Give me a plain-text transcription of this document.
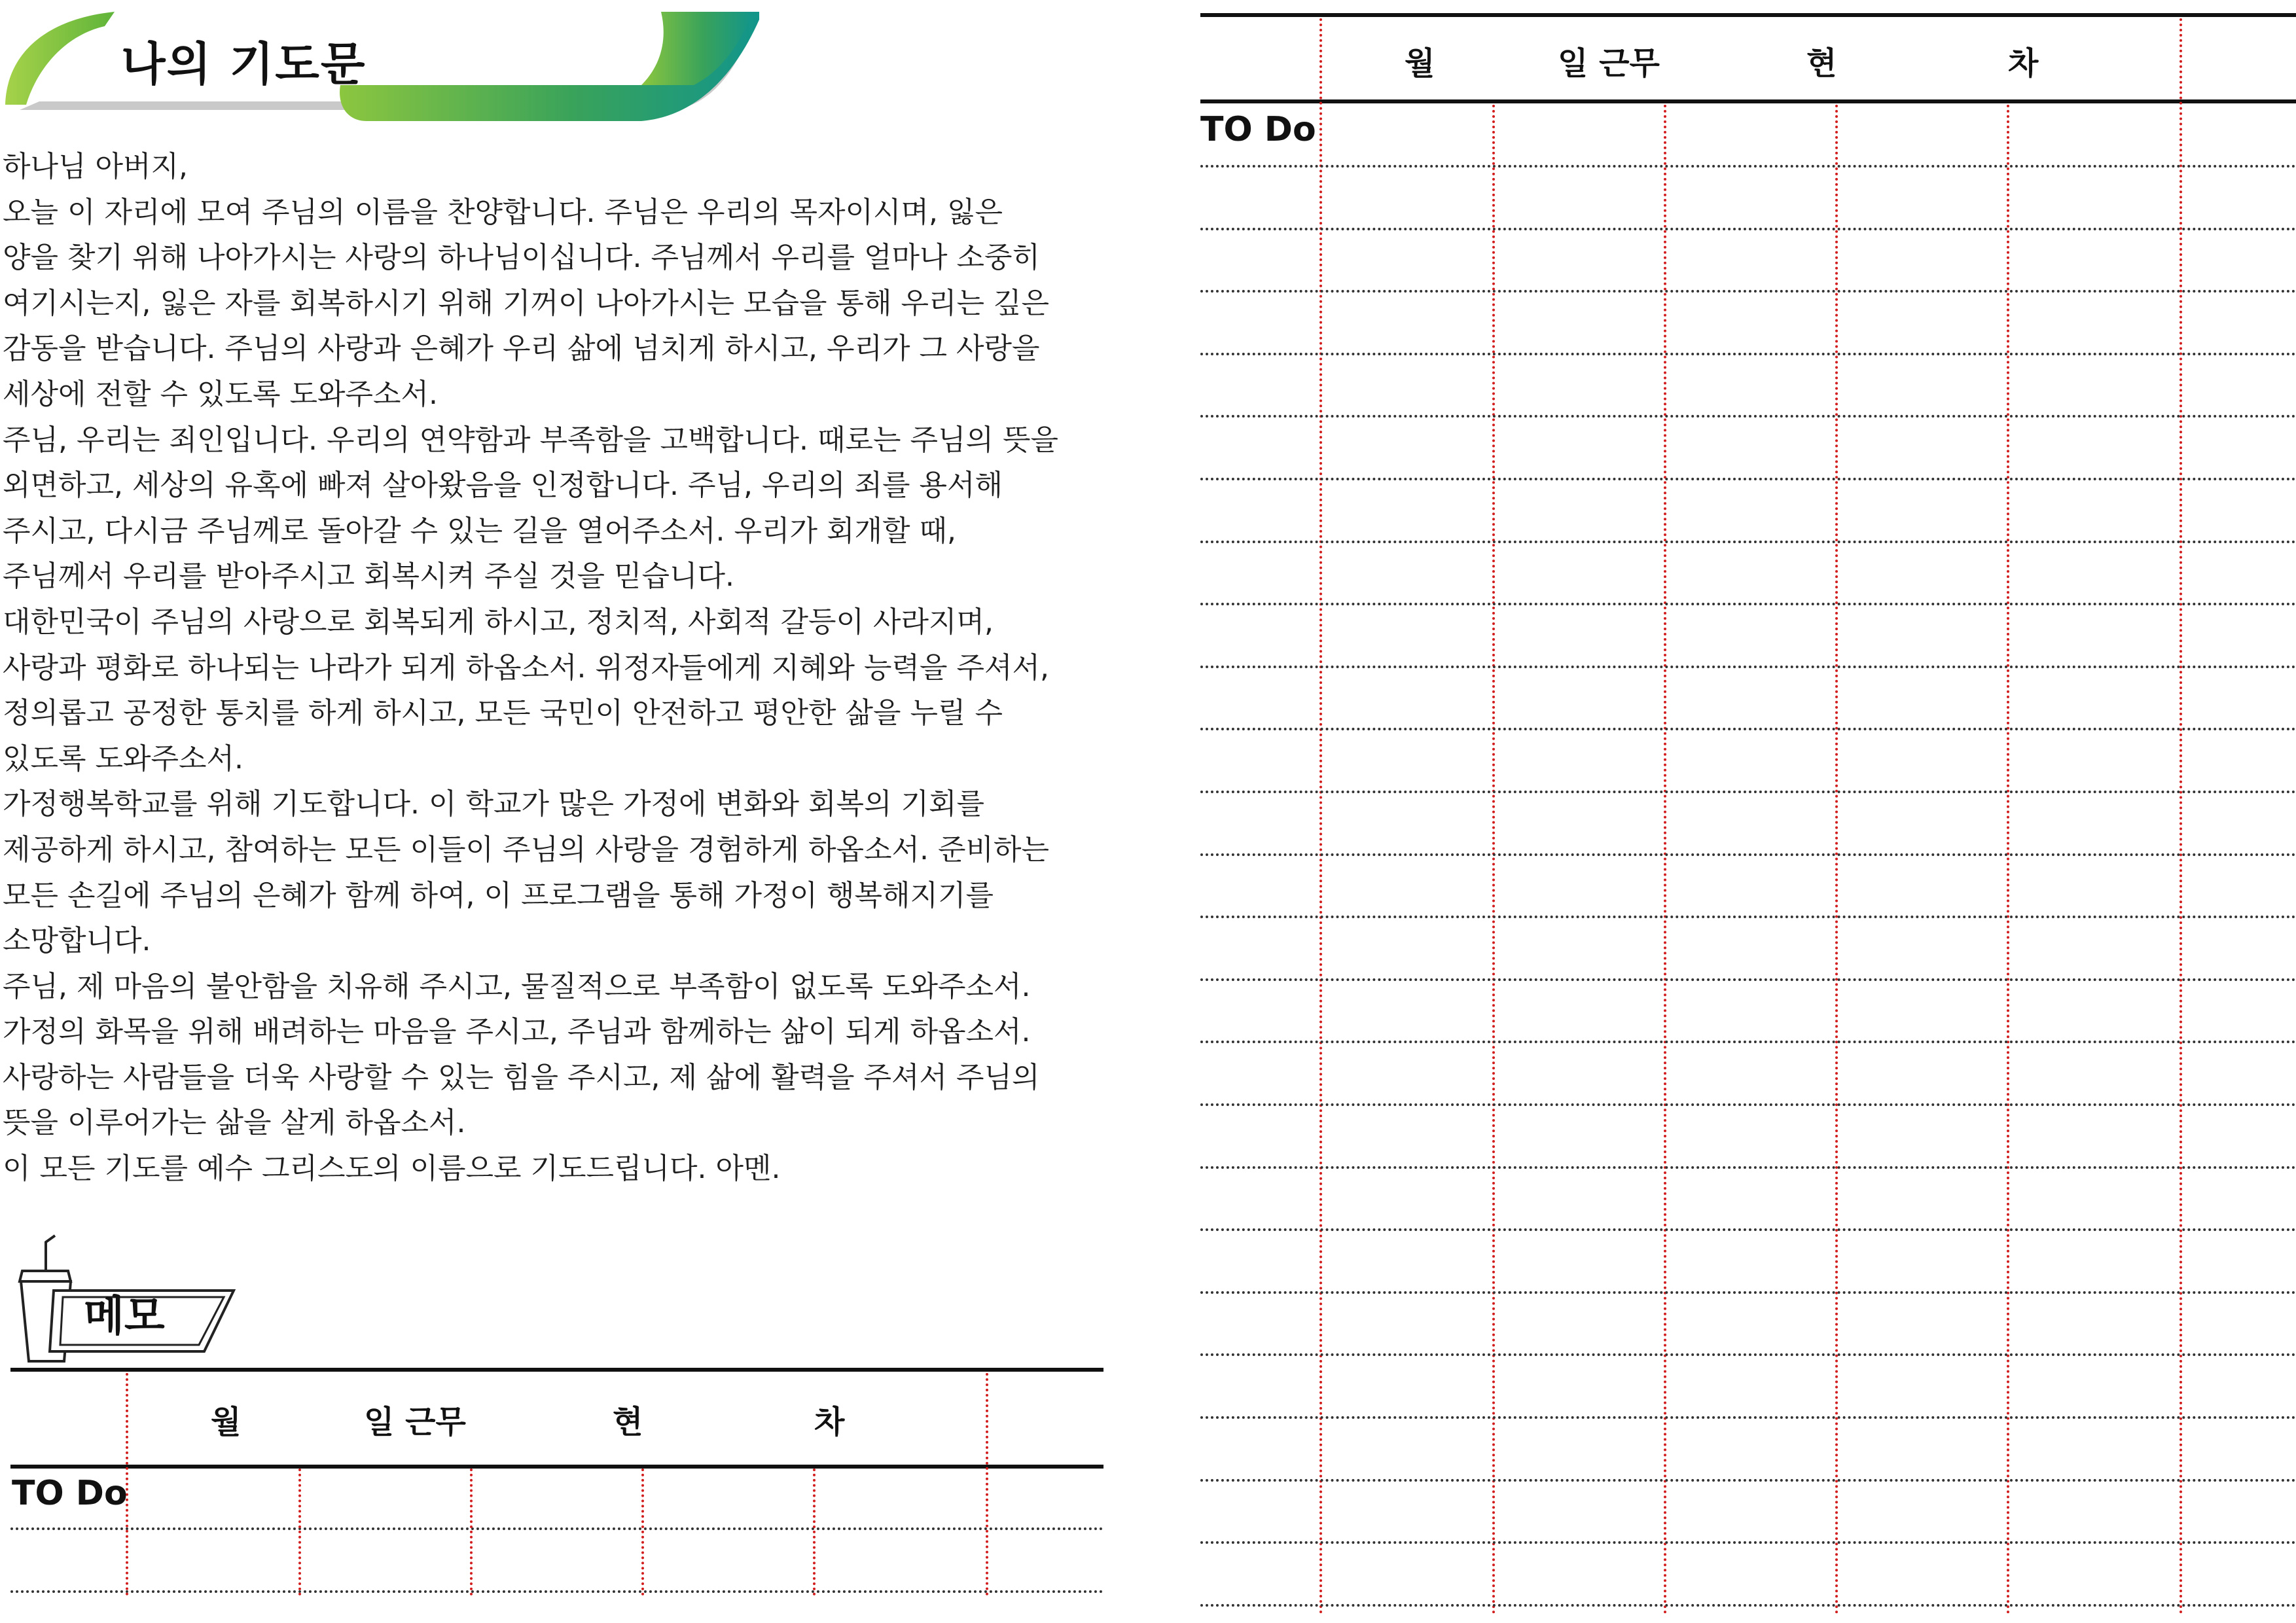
나의 기도문
하나님 아버지,
오늘 이 자리에 모여 주님의 이름을 찬양합니다. 주님은 우리의 목자이시며, 잃은
양을 찾기 위해 나아가시는 사랑의 하나님이십니다. 주님께서 우리를 얼마나 소중히
여기시는지, 잃은 자를 회복하시기 위해 기꺼이 나아가시는 모습을 통해 우리는 깊은
감동을 받습니다. 주님의 사랑과 은혜가 우리 삶에 넘치게 하시고, 우리가 그 사랑을
세상에 전할 수 있도록 도와주소서.
주님, 우리는 죄인입니다. 우리의 연약함과 부족함을 고백합니다. 때로는 주님의 뜻을
외면하고, 세상의 유혹에 빠져 살아왔음을 인정합니다. 주님, 우리의 죄를 용서해
주시고, 다시금 주님께로 돌아갈 수 있는 길을 열어주소서. 우리가 회개할 때,
주님께서 우리를 받아주시고 회복시켜 주실 것을 믿습니다.
대한민국이 주님의 사랑으로 회복되게 하시고, 정치적, 사회적 갈등이 사라지며,
사랑과 평화로 하나되는 나라가 되게 하옵소서. 위정자들에게 지혜와 능력을 주셔서,
정의롭고 공정한 통치를 하게 하시고, 모든 국민이 안전하고 평안한 삶을 누릴 수
있도록 도와주소서.
가정행복학교를 위해 기도합니다. 이 학교가 많은 가정에 변화와 회복의 기회를
제공하게 하시고, 참여하는 모든 이들이 주님의 사랑을 경험하게 하옵소서. 준비하는
모든 손길에 주님의 은혜가 함께 하여, 이 프로그램을 통해 가정이 행복해지기를
소망합니다.
주님, 제 마음의 불안함을 치유해 주시고, 물질적으로 부족함이 없도록 도와주소서.
가정의 화목을 위해 배려하는 마음을 주시고, 주님과 함께하는 삶이 되게 하옵소서.
사랑하는 사람들을 더욱 사랑할 수 있는 힘을 주시고, 제 삶에 활력을 주셔서 주님의
뜻을 이루어가는 삶을 살게 하옵소서.
이 모든 기도를 예수 그리스도의 이름으로 기도드립니다. 아멘.
메모
월	일 근무	현	차
TO Do
월	일 근무	현	차
TO Do
